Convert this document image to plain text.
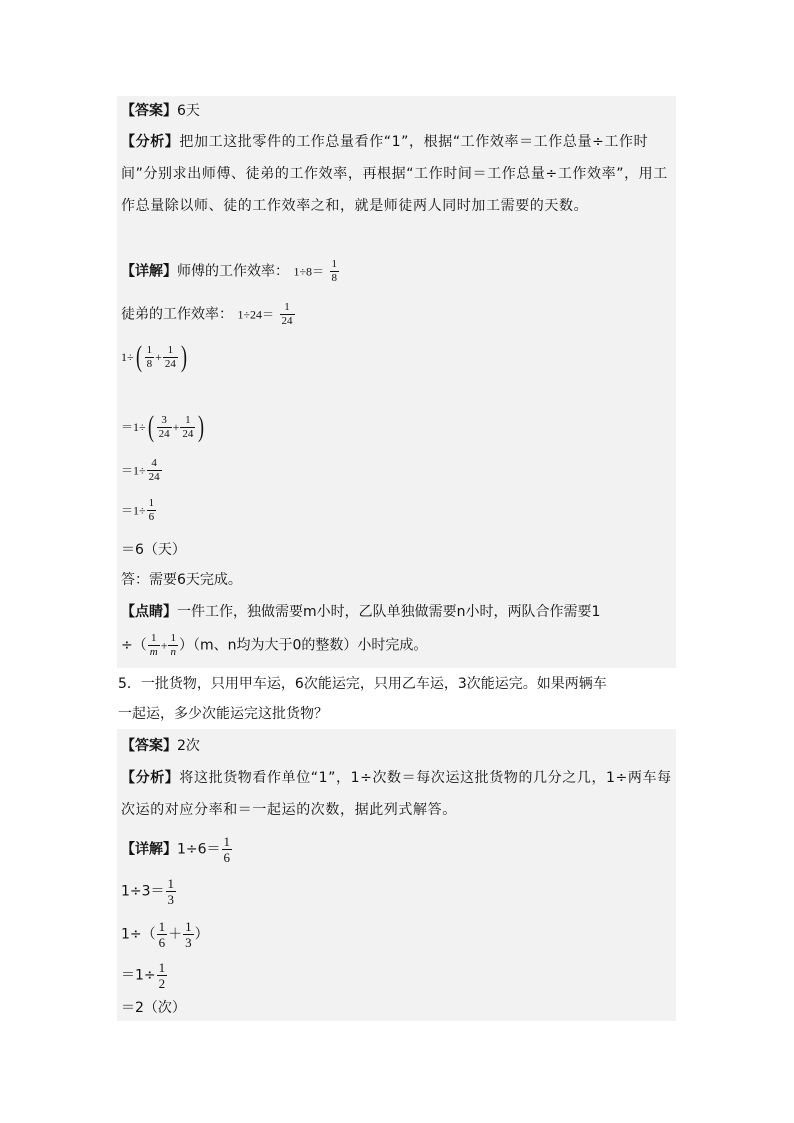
【答案】6天
【分析】把加工这批零件的工作总量看作“1”，根据“工作效率＝工作总量÷工作时间”分别求出师傅、徒弟的工作效率，再根据“工作时间＝工作总量÷工作效率”，用工作总量除以师、徒的工作效率之和，就是师徒两人同时加工需要的天数。
【详解】师傅的工作效率： $1\div 8= \frac{1}{8}$
徒弟的工作效率： $1\div 24= \frac{1}{24}$
$1\div( \frac{1}{8} + \frac{1}{24}$ )
$=1\div( \frac{3}{24} + \frac{1}{24}$ )
$=1\div \frac{4}{24}$
$=1\div \frac{1}{6}$
＝6（天）
答：需要6天完成。
【点睛】一件工作，独做需要m小时，乙队单独做需要n小时，两队合作需要1
÷（ $\frac{1}{m} + \frac{1}{n} )(m$、n均为大于0的整数）小时完成。
5．一批货物，只用甲车运，6次能运完，只用乙车运，3次能运完。如果两辆车
一起运，多少次能运完这批货物？
【答案】2次
【分析】将这批货物看作单位“1”，1÷次数＝每次运这批货物的几分之几，1÷两车每次运的对应分率和＝一起运的次数，据此列式解答。
【详解】$1\div 6= \frac{1}{6}$
$1\div 3= \frac{1}{3}$
$1\div( \frac{1}{6} + \frac{1}{3}$ ）
$=1\div \frac{1}{2}$
＝2（次）
